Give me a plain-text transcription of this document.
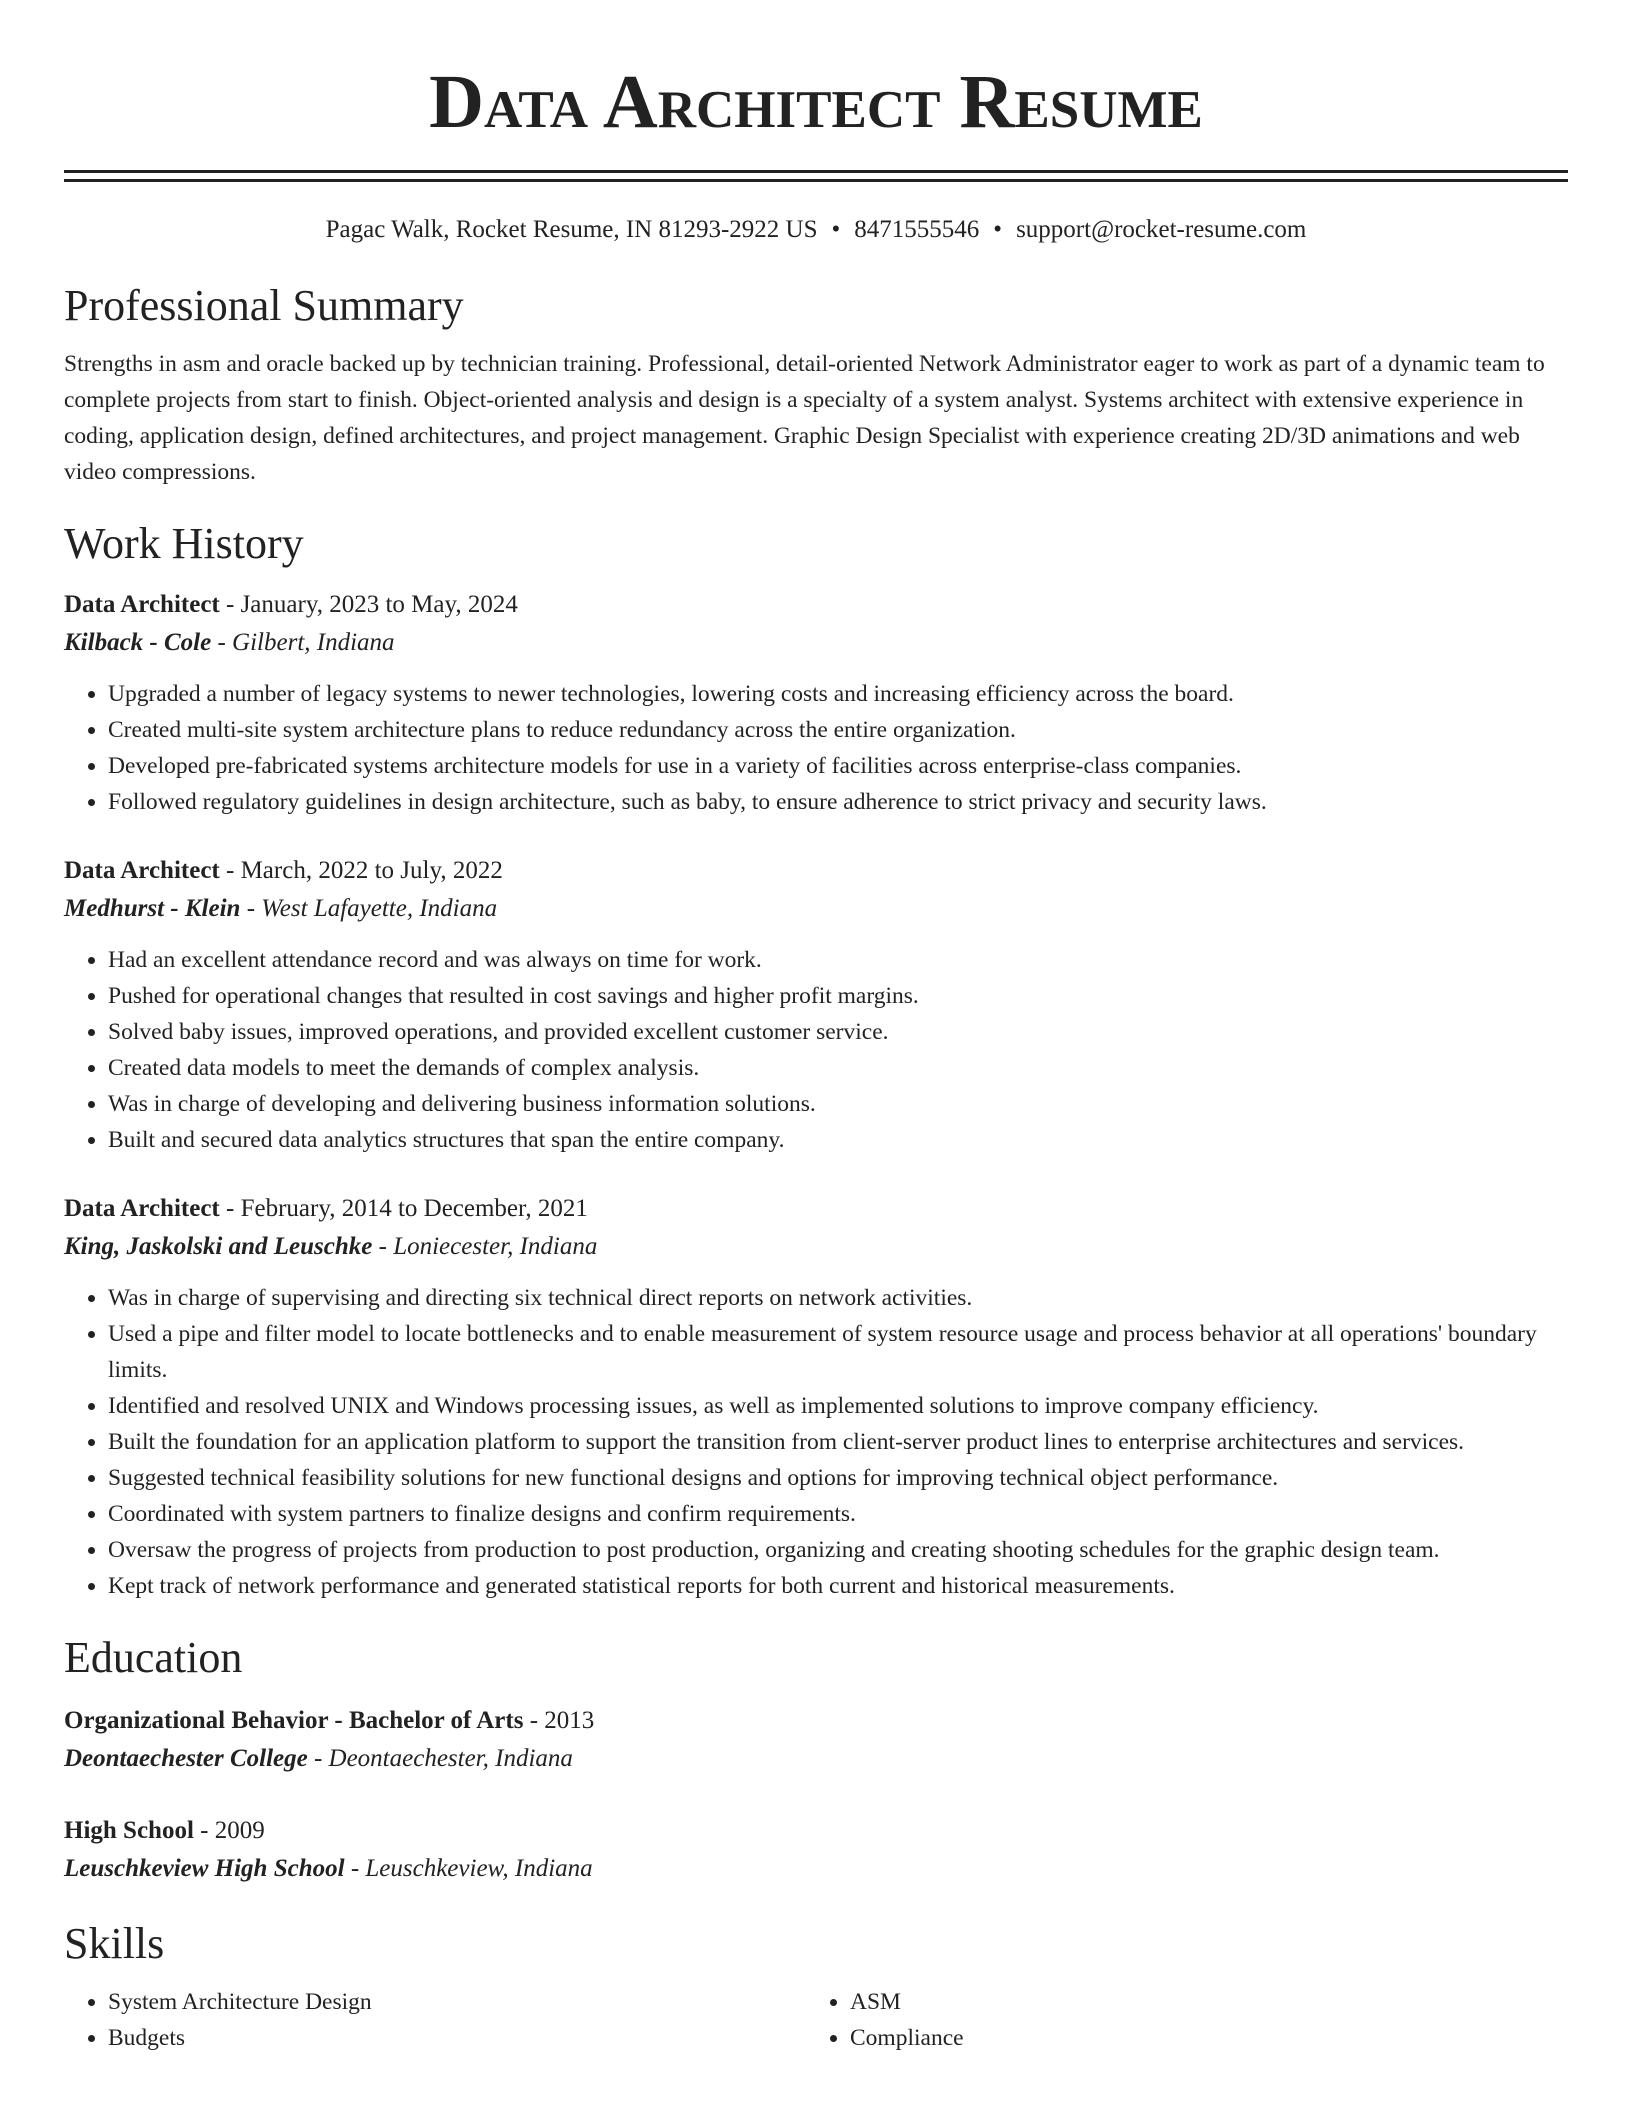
Data Architect Resume
Pagac Walk, Rocket Resume, IN 81293-2922 US • 8471555546 • support@rocket-resume.com
Professional Summary
Strengths in asm and oracle backed up by technician training. Professional, detail-oriented Network Administrator eager to work as part of a dynamic team to complete projects from start to finish. Object-oriented analysis and design is a specialty of a system analyst. Systems architect with extensive experience in coding, application design, defined architectures, and project management. Graphic Design Specialist with experience creating 2D/3D animations and web video compressions.
Work History
Data Architect - January, 2023 to May, 2024
Kilback - Cole - Gilbert, Indiana
• Upgraded a number of legacy systems to newer technologies, lowering costs and increasing efficiency across the board.
• Created multi-site system architecture plans to reduce redundancy across the entire organization.
• Developed pre-fabricated systems architecture models for use in a variety of facilities across enterprise-class companies.
• Followed regulatory guidelines in design architecture, such as baby, to ensure adherence to strict privacy and security laws.
Data Architect - March, 2022 to July, 2022
Medhurst - Klein - West Lafayette, Indiana
• Had an excellent attendance record and was always on time for work.
• Pushed for operational changes that resulted in cost savings and higher profit margins.
• Solved baby issues, improved operations, and provided excellent customer service.
• Created data models to meet the demands of complex analysis.
• Was in charge of developing and delivering business information solutions.
• Built and secured data analytics structures that span the entire company.
Data Architect - February, 2014 to December, 2021
King, Jaskolski and Leuschke - Loniecester, Indiana
• Was in charge of supervising and directing six technical direct reports on network activities.
• Used a pipe and filter model to locate bottlenecks and to enable measurement of system resource usage and process behavior at all operations' boundary limits.
• Identified and resolved UNIX and Windows processing issues, as well as implemented solutions to improve company efficiency.
• Built the foundation for an application platform to support the transition from client-server product lines to enterprise architectures and services.
• Suggested technical feasibility solutions for new functional designs and options for improving technical object performance.
• Coordinated with system partners to finalize designs and confirm requirements.
• Oversaw the progress of projects from production to post production, organizing and creating shooting schedules for the graphic design team.
• Kept track of network performance and generated statistical reports for both current and historical measurements.
Education
Organizational Behavior - Bachelor of Arts - 2013
Deontaechester College - Deontaechester, Indiana
High School - 2009
Leuschkeview High School - Leuschkeview, Indiana
Skills
• System Architecture Design
• Budgets
• ASM
• Compliance
